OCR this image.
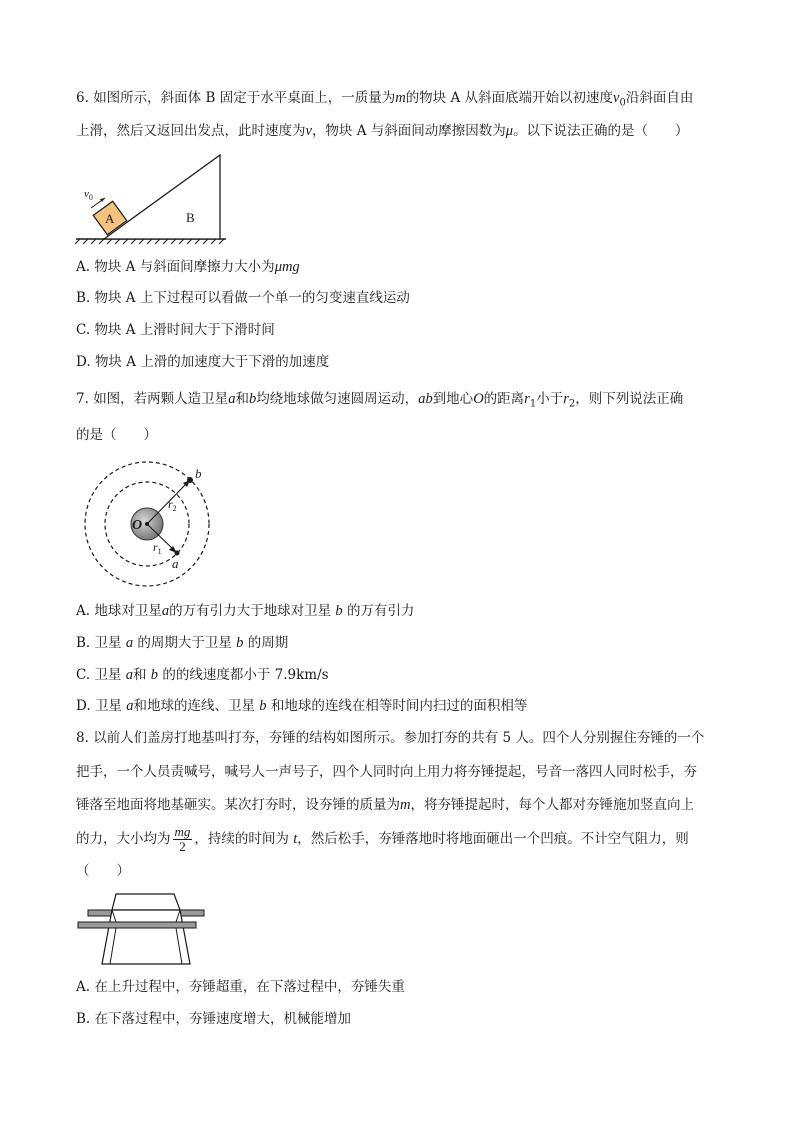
6. 如图所示，斜面体 B 固定于水平桌面上，一质量为m的物块 A 从斜面底端开始以初速度$v_0$沿斜面自由
上滑，然后又返回出发点，此时速度为v，物块 A 与斜面间动摩擦因数为μ。以下说法正确的是（　　）
B
A
$v_0$
A. 物块 A 与斜面间摩擦力大小为μmg
B. 物块 A 上下过程可以看做一个单一的匀变速直线运动
C. 物块 A 上滑时间大于下滑时间
D. 物块 A 上滑的加速度大于下滑的加速度
7. 如图，若两颗人造卫星a和b均绕地球做匀速圆周运动，ab到地心O的距离$r_1$小于$r_2$，则下列说法正确
的是（　　）
O
b
$r_2$
a
$r_1$
A. 地球对卫星a的万有引力大于地球对卫星 b 的万有引力
B. 卫星 a 的周期大于卫星 b 的周期
C. 卫星 a和 b 的的线速度都小于 7.9km/s
D. 卫星 a和地球的连线、卫星 b 和地球的连线在相等时间内扫过的面积相等
8. 以前人们盖房打地基叫打夯，夯锤的结构如图所示。参加打夯的共有 5 人。四个人分别握住夯锤的一个
把手，一个人员责喊号，喊号人一声号子，四个人同时向上用力将夯锤提起，号音一落四人同时松手，夯
锤落至地面将地基砸实。某次打夯时，设夯锤的质量为m，将夯锤提起时，每个人都对夯锤施加竖直向上
的力，大小均为 $\frac{mg}{2}$ ，持续的时间为 t，然后松手，夯锤落地时将地面砸出一个凹痕。不计空气阻力，则
（　　）
A. 在上升过程中，夯锤超重，在下落过程中，夯锤失重
B. 在下落过程中，夯锤速度增大，机械能增加
